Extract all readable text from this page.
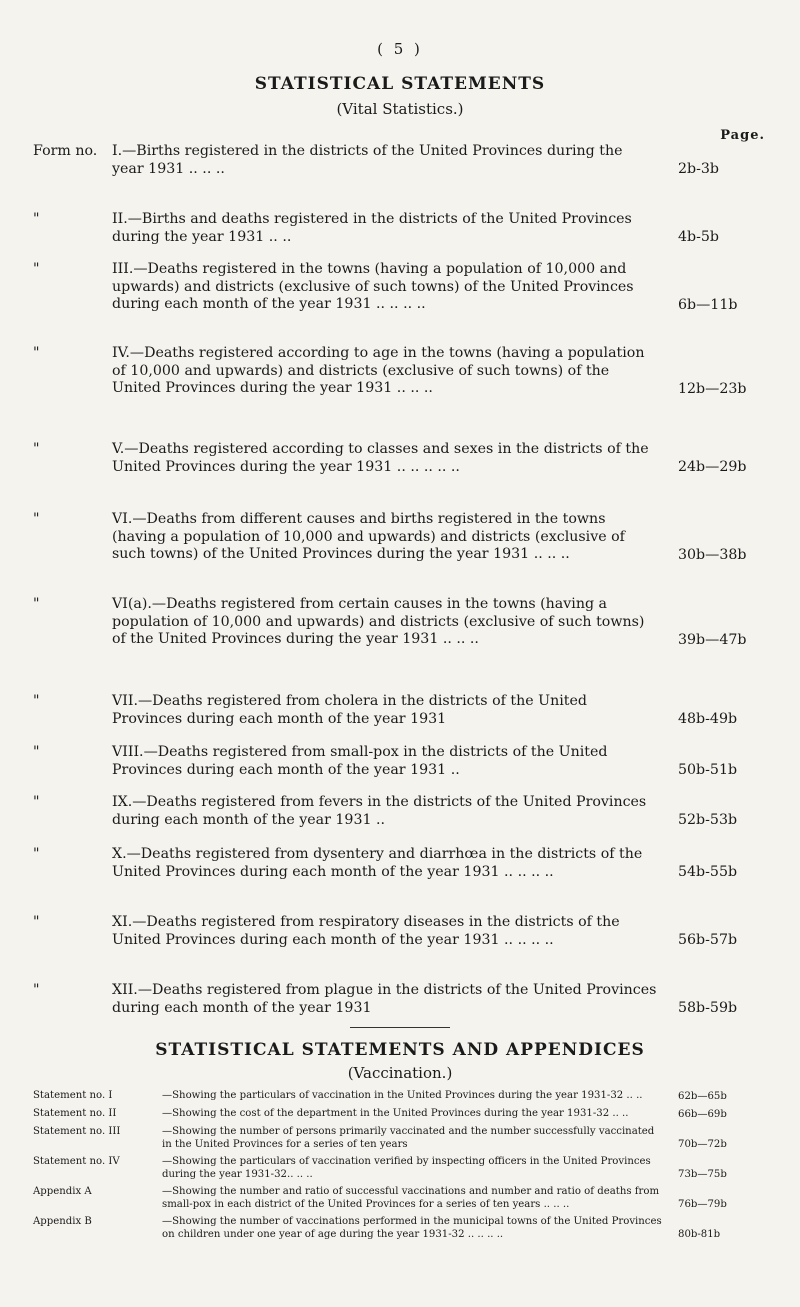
( 5 )
STATISTICAL STATEMENTS
(Vital Statistics.)
Page.
Form no. I.—Births registered in the districts of the United Provinces during the year 1931 .. .. ..	2b-3b
"	II.—Births and deaths registered in the districts of the United Provinces during the year 1931 .. ..	4b-5b
"	III.—Deaths registered in the towns (having a population of 10,000 and upwards) and districts (exclusive of such towns) of the United Provinces during each month of the year 1931 .. .. .. ..	6b—11b
"	IV.—Deaths registered according to age in the towns (having a population of 10,000 and upwards) and districts (exclusive of such towns) of the United Provinces during the year 1931 .. .. ..	12b—23b
"	V.—Deaths registered according to classes and sexes in the districts of the United Provinces during the year 1931 .. .. .. .. ..	24b—29b
"	VI.—Deaths from different causes and births registered in the towns (having a population of 10,000 and upwards) and districts (exclusive of such towns) of the United Provinces during the year 1931 .. .. ..	30b—38b
"	VI(a).—Deaths registered from certain causes in the towns (having a population of 10,000 and upwards) and districts (exclusive of such towns) of the United Provinces during the year 1931 .. .. ..	39b—47b
"	VII.—Deaths registered from cholera in the districts of the United Provinces during each month of the year 1931	48b-49b
"	VIII.—Deaths registered from small-pox in the districts of the United Provinces during each month of the year 1931 ..	50b-51b
"	IX.—Deaths registered from fevers in the districts of the United Provinces during each month of the year 1931 ..	52b-53b
"	X.—Deaths registered from dysentery and diarrhœa in the districts of the United Provinces during each month of the year 1931 .. .. .. ..	54b-55b
"	XI.—Deaths registered from respiratory diseases in the districts of the United Provinces during each month of the year 1931 .. .. .. ..	56b-57b
"	XII.—Deaths registered from plague in the districts of the United Provinces during each month of the year 1931	58b-59b
STATISTICAL STATEMENTS AND APPENDICES
(Vaccination.)
Statement no. I	—Showing the particulars of vaccination in the United Provinces during the year 1931-32 .. ..	62b—65b
Statement no. II	—Showing the cost of the department in the United Provinces during the year 1931-32 .. ..	66b—69b
Statement no. III	—Showing the number of persons primarily vaccinated and the number successfully vaccinated in the United Provinces for a series of ten years	70b—72b
Statement no. IV	—Showing the particulars of vaccination verified by inspecting officers in the United Provinces during the year 1931-32.. .. ..	73b—75b
Appendix A	—Showing the number and ratio of successful vaccinations and number and ratio of deaths from small-pox in each district of the United Provinces for a series of ten years .. .. ..	76b—79b
Appendix B	—Showing the number of vaccinations performed in the municipal towns of the United Provinces on children under one year of age during the year 1931-32 .. .. .. ..	80b-81b
